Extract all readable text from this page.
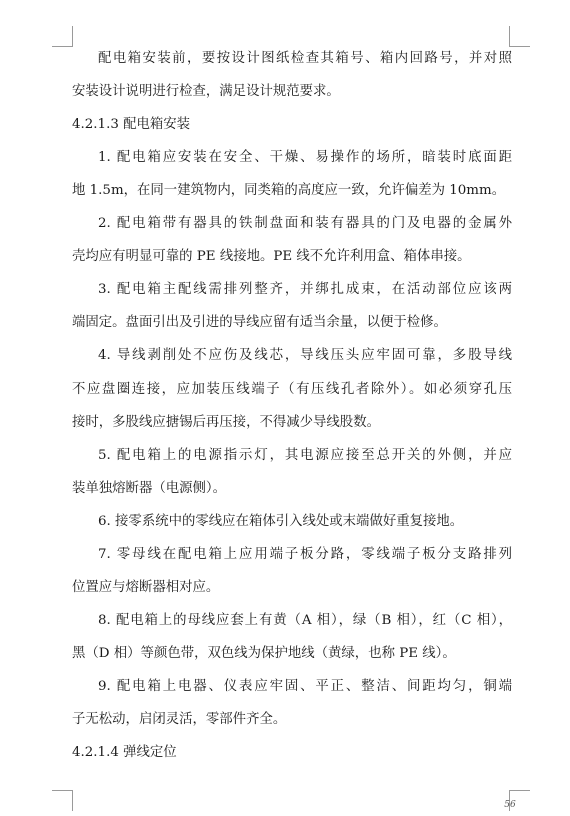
配电箱安装前，要按设计图纸检查其箱号、箱内回路号，并对照
安装设计说明进行检查，满足设计规范要求。
4.2.1.3 配电箱安装
1. 配电箱应安装在安全、干燥、易操作的场所，暗装时底面距
地 1.5m，在同一建筑物内，同类箱的高度应一致，允许偏差为 10mm。
2. 配电箱带有器具的铁制盘面和装有器具的门及电器的金属外
壳均应有明显可靠的 PE 线接地。PE 线不允许利用盒、箱体串接。
3. 配电箱主配线需排列整齐，并绑扎成束，在活动部位应该两
端固定。盘面引出及引进的导线应留有适当余量，以便于检修。
4. 导线剥削处不应伤及线芯，导线压头应牢固可靠，多股导线
不应盘圈连接，应加装压线端子（有压线孔者除外）。如必须穿孔压
接时，多股线应搪锡后再压接，不得减少导线股数。
5. 配电箱上的电源指示灯，其电源应接至总开关的外侧，并应
装单独熔断器（电源侧）。
6. 接零系统中的零线应在箱体引入线处或末端做好重复接地。
7. 零母线在配电箱上应用端子板分路，零线端子板分支路排列
位置应与熔断器相对应。
8. 配电箱上的母线应套上有黄（A 相），绿（B 相），红（C 相），
黑（D 相）等颜色带，双色线为保护地线（黄绿，也称 PE 线）。
9. 配电箱上电器、仪表应牢固、平正、整洁、间距均匀，铜端
子无松动，启闭灵活，零部件齐全。
4.2.1.4 弹线定位
56
